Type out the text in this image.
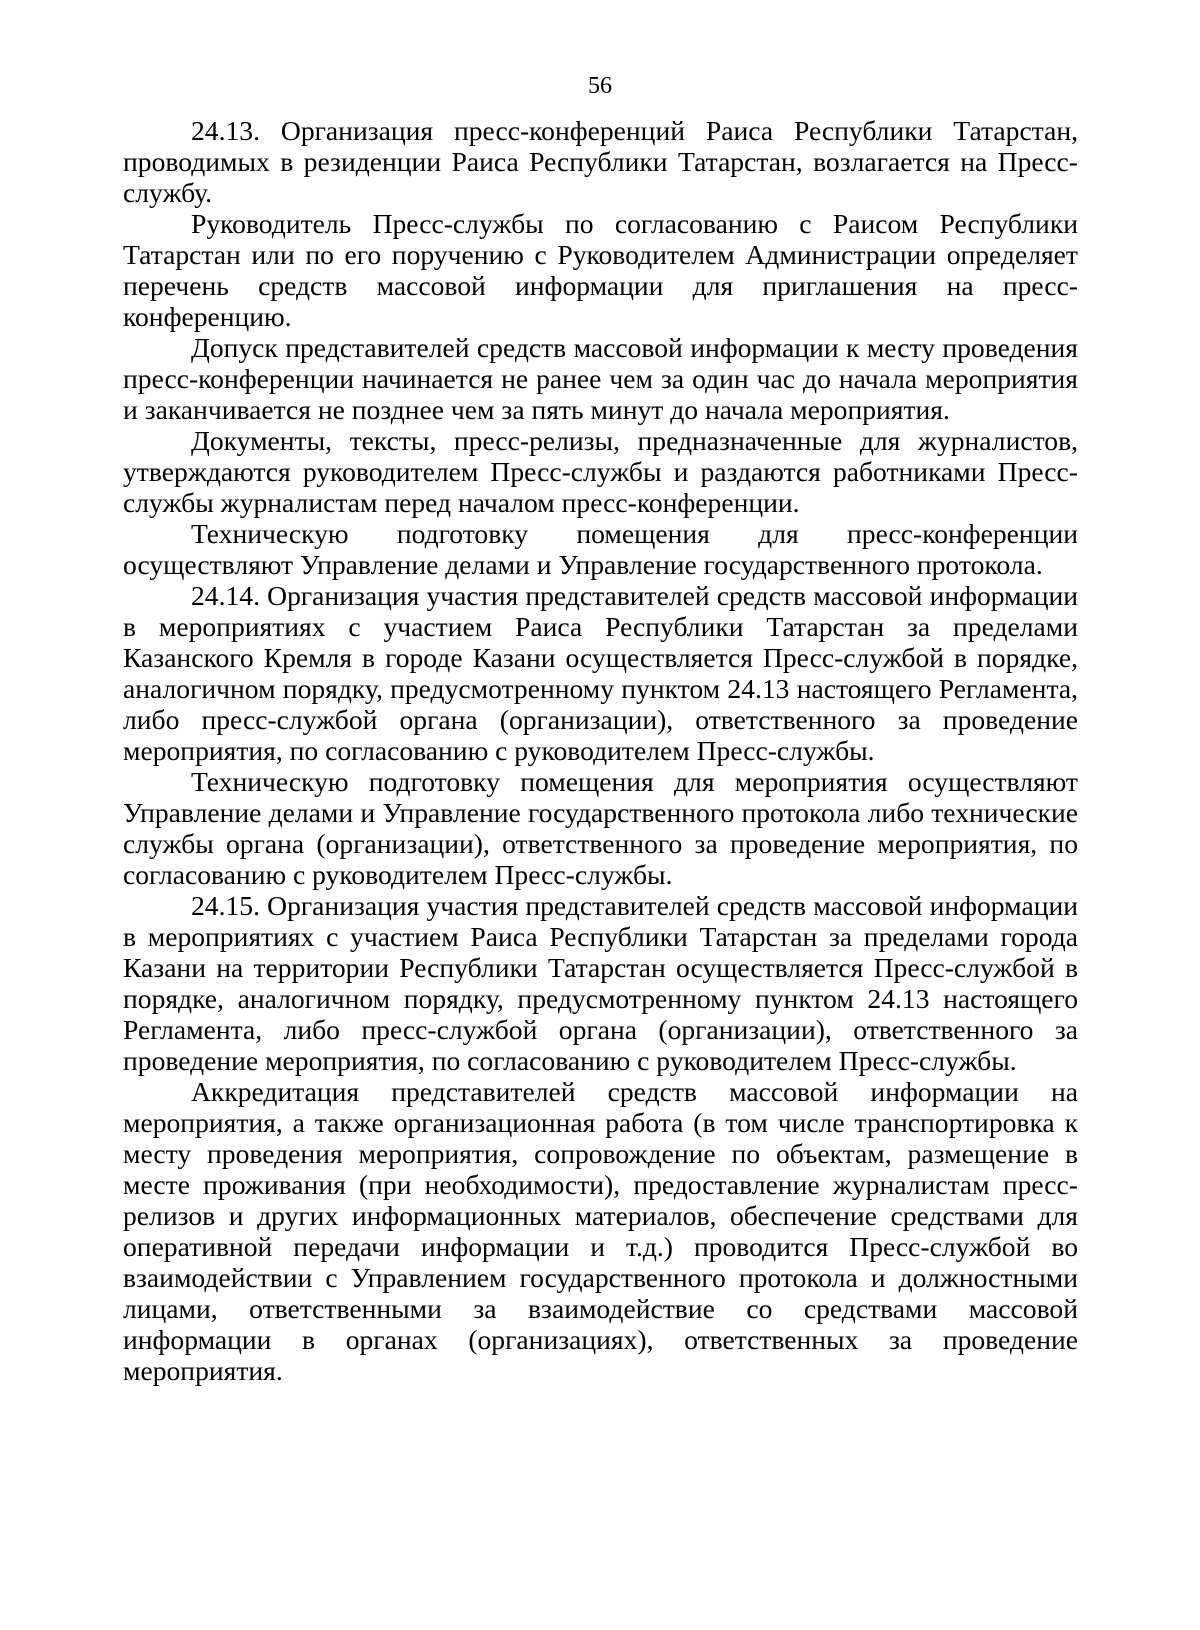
56

24.13. Организация пресс-конференций Раиса Республики Татарстан, проводимых в резиденции Раиса Республики Татарстан, возлагается на Пресс-службу.

Руководитель Пресс-службы по согласованию с Раисом Республики Татарстан или по его поручению с Руководителем Администрации определяет перечень средств массовой информации для приглашения на пресс-конференцию.

Допуск представителей средств массовой информации к месту проведения пресс-конференции начинается не ранее чем за один час до начала мероприятия и заканчивается не позднее чем за пять минут до начала мероприятия.

Документы, тексты, пресс-релизы, предназначенные для журналистов, утверждаются руководителем Пресс-службы и раздаются работниками Пресс-службы журналистам перед началом пресс-конференции.

Техническую подготовку помещения для пресс-конференции осуществляют Управление делами и Управление государственного протокола.

24.14. Организация участия представителей средств массовой информации в мероприятиях с участием Раиса Республики Татарстан за пределами Казанского Кремля в городе Казани осуществляется Пресс-службой в порядке, аналогичном порядку, предусмотренному пунктом 24.13 настоящего Регламента, либо пресс-службой органа (организации), ответственного за проведение мероприятия, по согласованию с руководителем Пресс-службы.

Техническую подготовку помещения для мероприятия осуществляют Управление делами и Управление государственного протокола либо технические службы органа (организации), ответственного за проведение мероприятия, по согласованию с руководителем Пресс-службы.

24.15. Организация участия представителей средств массовой информации в мероприятиях с участием Раиса Республики Татарстан за пределами города Казани на территории Республики Татарстан осуществляется Пресс-службой в порядке, аналогичном порядку, предусмотренному пунктом 24.13 настоящего Регламента, либо пресс-службой органа (организации), ответственного за проведение мероприятия, по согласованию с руководителем Пресс-службы.

Аккредитация представителей средств массовой информации на мероприятия, а также организационная работа (в том числе транспортировка к месту проведения мероприятия, сопровождение по объектам, размещение в месте проживания (при необходимости), предоставление журналистам пресс-релизов и других информационных материалов, обеспечение средствами для оперативной передачи информации и т.д.) проводится Пресс-службой во взаимодействии с Управлением государственного протокола и должностными лицами, ответственными за взаимодействие со средствами массовой информации в органах (организациях), ответственных за проведение мероприятия.
